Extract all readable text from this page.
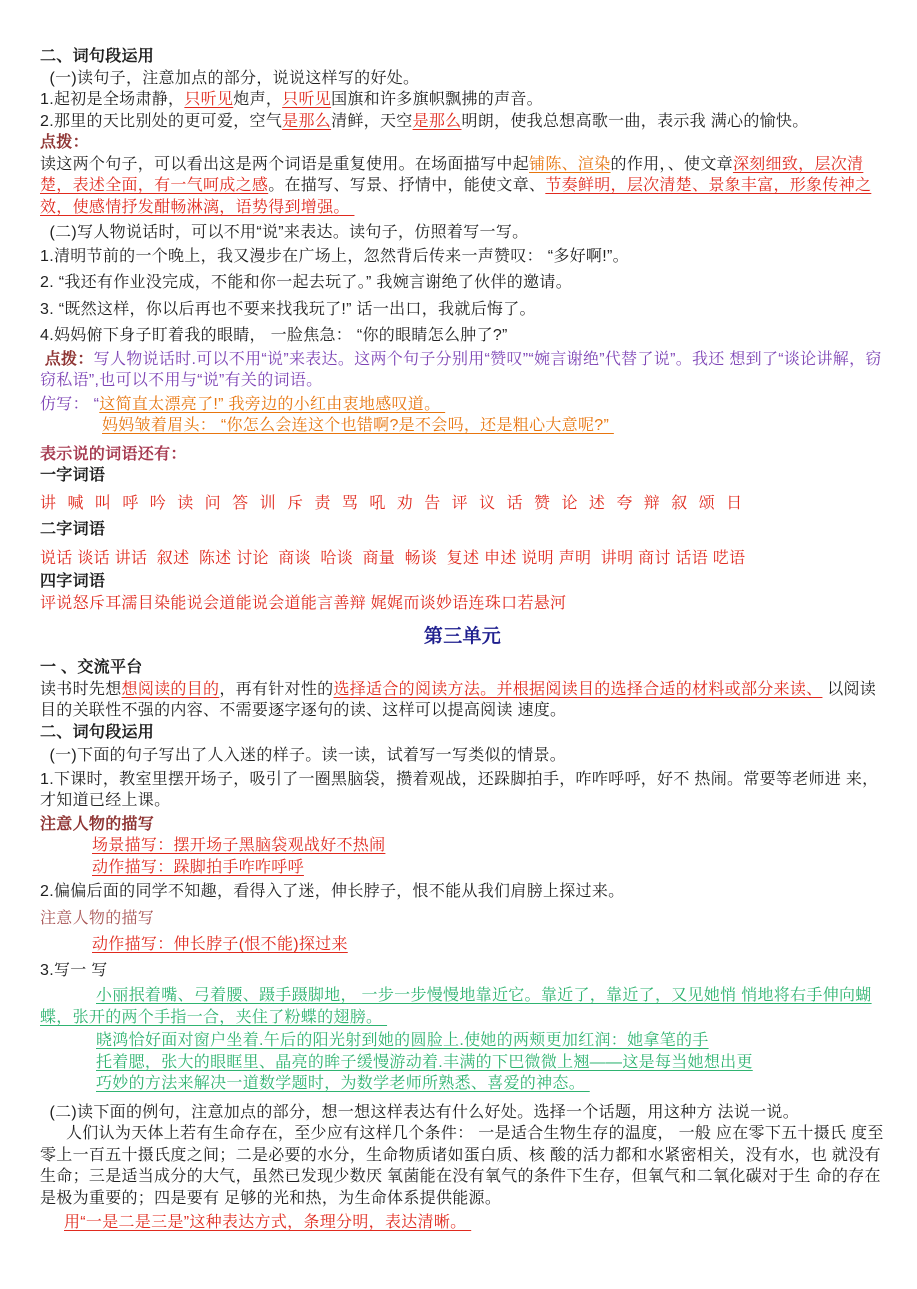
二、词句段运用
(一)读句子，注意加点的部分，说说这样写的好处。
1.起初是全场肃静，只听见炮声，只听见国旗和许多旗帜飘拂的声音。
2.那里的天比别处的更可爱，空气是那么清鲜，天空是那么明朗，使我总想高歌一曲，表示我 满心的愉快。
点拨：
读这两个句子，可以看出这是两个词语是重复使用。在场面描写中起铺陈、渲染的作用，、使文章深刻细致，层次清楚，表述全面，有一气呵成之感。在描写、写景、抒情中，能使文章、节奏鲜明，层次清楚、景象丰富，形象传神之效，使感情抒发酣畅淋漓，语势得到增强。
(二)写人物说话时，可以不用“说”来表达。读句子，仿照着写一写。
1.清明节前的一个晚上，我又漫步在广场上，忽然背后传来一声赞叹： “多好啊!”。
2. “我还有作业没完成，不能和你一起去玩了。” 我婉言谢绝了伙伴的邀请。
3. “既然这样，你以后再也不要来找我玩了!” 话一出口，我就后悔了。
4.妈妈俯下身子盯着我的眼睛， 一脸焦急： “你的眼睛怎么肿了?”
点拨：写人物说话时.可以不用“说”来表达。这两个句子分别用“赞叹”“婉言谢绝”代替了说”。我还 想到了“谈论讲解，窃窃私语”,也可以不用与“说”有关的词语。
仿写： “这简直太漂亮了!” 我旁边的小红由衷地感叹道。
妈妈皱着眉头： “你怎么会连这个也错啊?是不会吗，还是粗心大意呢?”
表示说的词语还有：
一字词语
讲 喊 叫 呼 吟 读 问 答 训 斥 责 骂 吼 劝 告 评 议 话 赞 论 述 夸 辩 叙 颂 日
二字词语
说话 谈话 讲话  叙述  陈述 讨论  商谈  哈谈  商量  畅谈  复述 申述 说明 声明  讲明 商讨 话语 呓语
四字词语
评说怒斥耳濡目染能说会道能说会道能言善辩 娓娓而谈妙语连珠口若悬河
第三单元
一 、交流平台
读书时先想想阅读的目的，再有针对性的选择适合的阅读方法。并根据阅读目的选择合适的材料或部分来读、 以阅读 目的关联性不强的内容、不需要逐字逐句的读、这样可以提高阅读 速度。
二、词句段运用
(一)下面的句子写出了人入迷的样子。读一读，试着写一写类似的情景。
1.下课时，教室里摆开场子，吸引了一圈黑脑袋，攒着观战，还跺脚拍手，咋咋呼呼，好不 热闹。常要等老师进 来，才知道已经上课。
注意人物的描写
场景描写：摆开场子黑脑袋观战好不热闹
动作描写：跺脚拍手咋咋呼呼
2.偏偏后面的同学不知趣，看得入了迷，伸长脖子，恨不能从我们肩膀上探过来。
注意人物的描写
动作描写：伸长脖子(恨不能)探过来
3.写一 写
小丽抿着嘴、弓着腰、蹑手蹑脚地， 一步一步慢慢地靠近它。靠近了，靠近了，又见她悄 悄地将右手伸向蝴蝶，张开的两个手指一合，夹住了粉蝶的翅膀。
晓鸿恰好面对窗户坐着.午后的阳光射到她的圆脸上.使她的两颊更加红润：她拿笔的手
托着腮，张大的眼眶里、晶亮的眸子缓慢游动着.丰满的下巴微微上翘——这是每当她想出更
巧妙的方法来解决一道数学题时，为数学老师所熟悉、喜爱的神态。
(二)读下面的例句，注意加点的部分，想一想这样表达有什么好处。选择一个话题，用这种方 法说一说。
人们认为天体上若有生命存在，至少应有这样几个条件： 一是适合生物生存的温度， 一般 应在零下五十摄氏 度至零上一百五十摄氏度之间；二是必要的水分，生命物质诸如蛋白质、核 酸的活力都和水紧密相关，没有水，也 就没有生命；三是适当成分的大气，虽然已发现少数厌 氧菌能在没有氧气的条件下生存，但氧气和二氧化碳对于生 命的存在是极为重要的；四是要有 足够的光和热，为生命体系提供能源。
用“一是二是三是”这种表达方式，条理分明，表达清晰。
